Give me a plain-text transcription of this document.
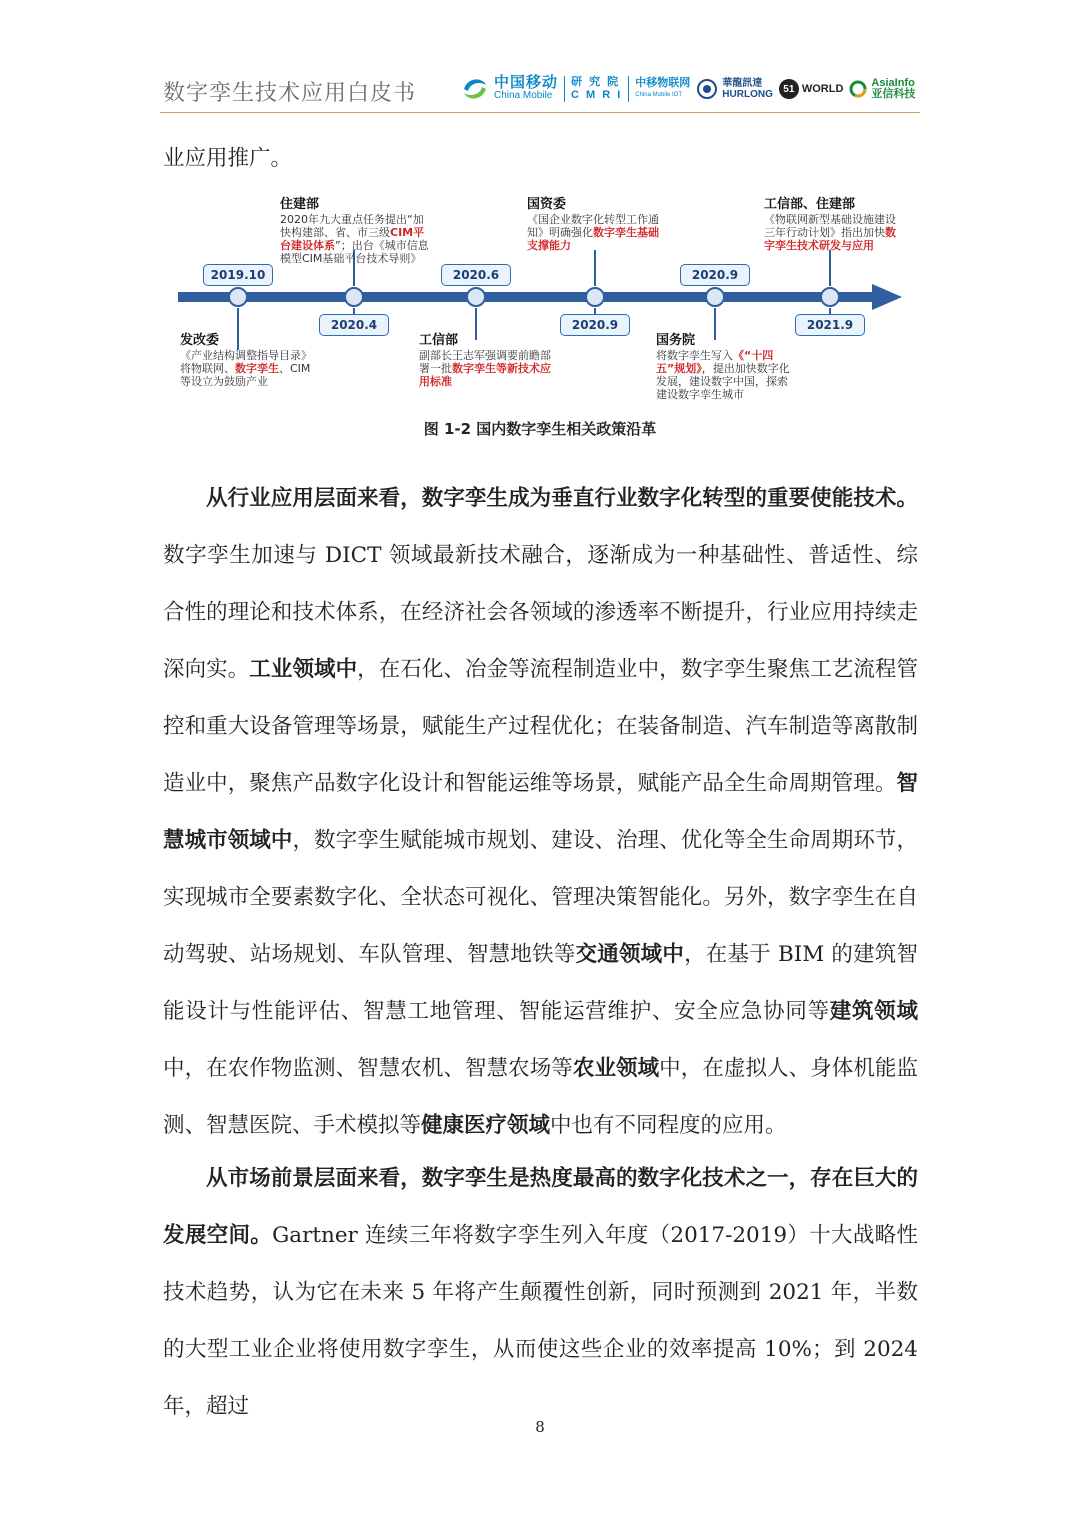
数字孪生技术应用白皮书	中国移动
China Mobile
研 究 院
C M R I
中移物联网
China Mobile IOT
華龍訊達
HURLONG	51 WORLD	AsiaInfo
亚信科技
业应用推广。
2019.10	2020.6	2020.9
2020.4	2020.9	2021.9
住建部
2020年九大重点任务提出“加快构建部、省、市三级CIM平台建设体系”；出台《城市信息模型CIM基础平台技术导则》
国资委
《国企业数字化转型工作通知》明确强化数字孪生基础支撑能力
工信部、住建部
《物联网新型基础设施建设三年行动计划》指出加快数字孪生技术研发与应用
发改委
《产业结构调整指导目录》将物联网、数字孪生、CIM等设立为鼓励产业
工信部
副部长王志军强调要前瞻部署一批数字孪生等新技术应用标准
国务院
将数字孪生写入《“十四五”规划》，提出加快数字化发展，建设数字中国，探索建设数字孪生城市
图 1-2 国内数字孪生相关政策沿革
从行业应用层面来看，数字孪生成为垂直行业数字化转型的重要使能技术。数字孪生加速与 DICT 领域最新技术融合，逐渐成为一种基础性、普适性、综合性的理论和技术体系，在经济社会各领域的渗透率不断提升，行业应用持续走深向实。工业领域中，在石化、冶金等流程制造业中，数字孪生聚焦工艺流程管控和重大设备管理等场景，赋能生产过程优化；在装备制造、汽车制造等离散制造业中，聚焦产品数字化设计和智能运维等场景，赋能产品全生命周期管理。智慧城市领域中，数字孪生赋能城市规划、建设、治理、优化等全生命周期环节，实现城市全要素数字化、全状态可视化、管理决策智能化。另外，数字孪生在自动驾驶、站场规划、车队管理、智慧地铁等交通领域中，在基于 BIM 的建筑智能设计与性能评估、智慧工地管理、智能运营维护、安全应急协同等建筑领域中，在农作物监测、智慧农机、智慧农场等农业领域中，在虚拟人、身体机能监测、智慧医院、手术模拟等健康医疗领域中也有不同程度的应用。
从市场前景层面来看，数字孪生是热度最高的数字化技术之一，存在巨大的发展空间。Gartner 连续三年将数字孪生列入年度（2017-2019）十大战略性技术趋势，认为它在未来 5 年将产生颠覆性创新，同时预测到 2021 年，半数的大型工业企业将使用数字孪生，从而使这些企业的效率提高 10%；到 2024 年，超过
8
